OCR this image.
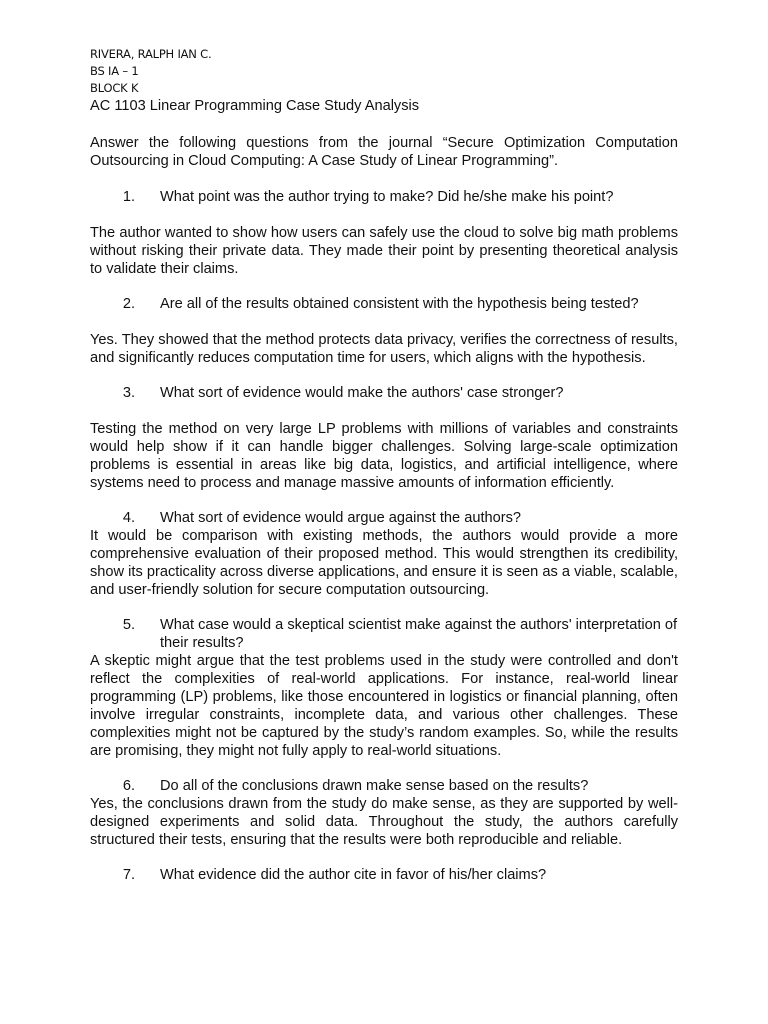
RIVERA, RALPH IAN C.
BS IA – 1
BLOCK K
AC 1103 Linear Programming Case Study Analysis

Answer the following questions from the journal “Secure Optimization Computation Outsourcing in Cloud Computing: A Case Study of Linear Programming”.

1. What point was the author trying to make? Did he/she make his point?

The author wanted to show how users can safely use the cloud to solve big math problems without risking their private data. They made their point by presenting theoretical analysis to validate their claims.

2. Are all of the results obtained consistent with the hypothesis being tested?

Yes. They showed that the method protects data privacy, verifies the correctness of results, and significantly reduces computation time for users, which aligns with the hypothesis.

3. What sort of evidence would make the authors' case stronger?

Testing the method on very large LP problems with millions of variables and constraints would help show if it can handle bigger challenges. Solving large-scale optimization problems is essential in areas like big data, logistics, and artificial intelligence, where systems need to process and manage massive amounts of information efficiently.

4. What sort of evidence would argue against the authors?

It would be comparison with existing methods, the authors would provide a more comprehensive evaluation of their proposed method. This would strengthen its credibility, show its practicality across diverse applications, and ensure it is seen as a viable, scalable, and user-friendly solution for secure computation outsourcing.

5. What case would a skeptical scientist make against the authors' interpretation of their results?

A skeptic might argue that the test problems used in the study were controlled and don't reflect the complexities of real-world applications. For instance, real-world linear programming (LP) problems, like those encountered in logistics or financial planning, often involve irregular constraints, incomplete data, and various other challenges. These complexities might not be captured by the study’s random examples. So, while the results are promising, they might not fully apply to real-world situations.

6. Do all of the conclusions drawn make sense based on the results?

Yes, the conclusions drawn from the study do make sense, as they are supported by well-designed experiments and solid data. Throughout the study, the authors carefully structured their tests, ensuring that the results were both reproducible and reliable.

7. What evidence did the author cite in favor of his/her claims?
